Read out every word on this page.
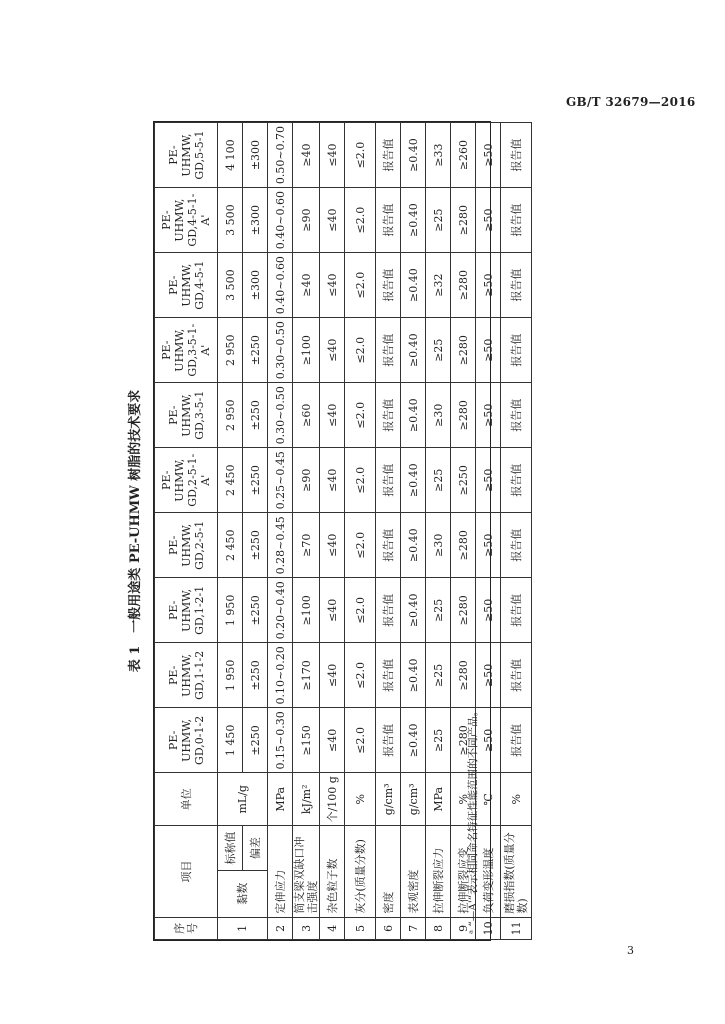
GB/T 32679—2016
表 1　一般用途类 PE-UHMW 树脂的技术要求
序号	项目		单位	PE-UHMW, GD,0-1-2	PE-UHMW, GD,1-1-2	PE-UHMW, GD,1-2-1	PE-UHMW, GD,2-5-1	PE-UHMW, GD,2-5-1-A'	PE-UHMW, GD,3-5-1	PE-UHMW, GD,3-5-1-A'	PE-UHMW, GD,4-5-1	PE-UHMW, GD,4-5-1-A'	PE-UHMW, GD,5-5-1
1	黏数	标称值	mL/g	1 450	1 950	1 950	2 450	2 450	2 950	2 950	3 500	3 500	4 100
		偏差		±250	±250	±250	±250	±250	±250	±250	±300	±300	±300
2	定伸应力		MPa	0.15~0.30	0.10~0.20	0.20~0.40	0.28~0.45	0.25~0.45	0.30~0.50	0.30~0.50	0.40~0.60	0.40~0.60	0.50~0.70
3	简支梁双缺口冲击强度		kJ/m²	≥150	≥170	≥100	≥70	≥90	≥60	≥100	≥40	≥90	≥40
4	杂色粒子数		个/100 g	≤40	≤40	≤40	≤40	≤40	≤40	≤40	≤40	≤40	≤40
5	灰分(质量分数)		%	≤2.0	≤2.0	≤2.0	≤2.0	≤2.0	≤2.0	≤2.0	≤2.0	≤2.0	≤2.0
6	密度		g/cm³	报告值	报告值	报告值	报告值	报告值	报告值	报告值	报告值	报告值	报告值
7	表观密度		g/cm³	≥0.40	≥0.40	≥0.40	≥0.40	≥0.40	≥0.40	≥0.40	≥0.40	≥0.40	≥0.40
8	拉伸断裂应力		MPa	≥25	≥25	≥25	≥30	≥25	≥30	≥25	≥32	≥25	≥33
9	拉伸断裂应变		%	≥280	≥280	≥280	≥280	≥250	≥280	≥280	≥280	≥280	≥260
10	负荷变形温度		℃	≥50	≥50	≥50	≥50	≥50	≥50	≥50	≥50	≥50	≥50
11	磨损指数(质量分数)		%	报告值	报告值	报告值	报告值	报告值	报告值	报告值	报告值	报告值	报告值
ᵃ “—A'”表示相同命名特征性能范围的不同产品。
3
